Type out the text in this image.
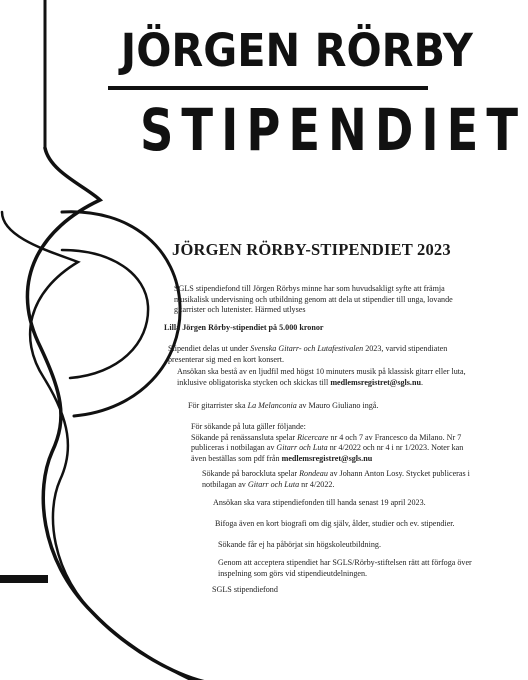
JÖRGEN RÖRBY
STIPENDIET
JÖRGEN RÖRBY-STIPENDIET 2023
SGLS stipendiefond till Jörgen Rörbys minne har som huvudsakligt syfte att främja musikalisk undervisning och utbildning genom att dela ut stipendier till unga, lovande gitarrister och lutenister. Härmed utlyses
Lilla Jörgen Rörby-stipendiet på 5.000 kronor
Stipendiet delas ut under Svenska Gitarr- och Lutafestivalen 2023, varvid stipendiaten presenterar sig med en kort konsert.
Ansökan ska bestå av en ljudfil med högst 10 minuters musik på klassisk gitarr eller luta, inklusive obligatoriska stycken och skickas till medlemsregistret@sgls.nu.
För gitarrister ska La Melanconia av Mauro Giuliano ingå.
För sökande på luta gäller följande:
Sökande på renässansluta spelar Ricercare nr 4 och 7 av Francesco da Milano. Nr 7 publiceras i notbilagan av Gitarr och Luta nr 4/2022 och nr 4 i nr 1/2023. Noter kan även beställas som pdf från medlemsregistret@sgls.nu
Sökande på barockluta spelar Rondeau av Johann Anton Losy. Stycket publiceras i notbilagan av Gitarr och Luta nr 4/2022.
Ansökan ska vara stipendiefonden till handa senast 19 april 2023.
Bifoga även en kort biografi om dig själv, ålder, studier och ev. stipendier.
Sökande får ej ha påbörjat sin högskoleutbildning.
Genom att acceptera stipendiet har SGLS/Rörby-stiftelsen rätt att förfoga över inspelning som görs vid stipendieutdelningen.
SGLS stipendiefond
